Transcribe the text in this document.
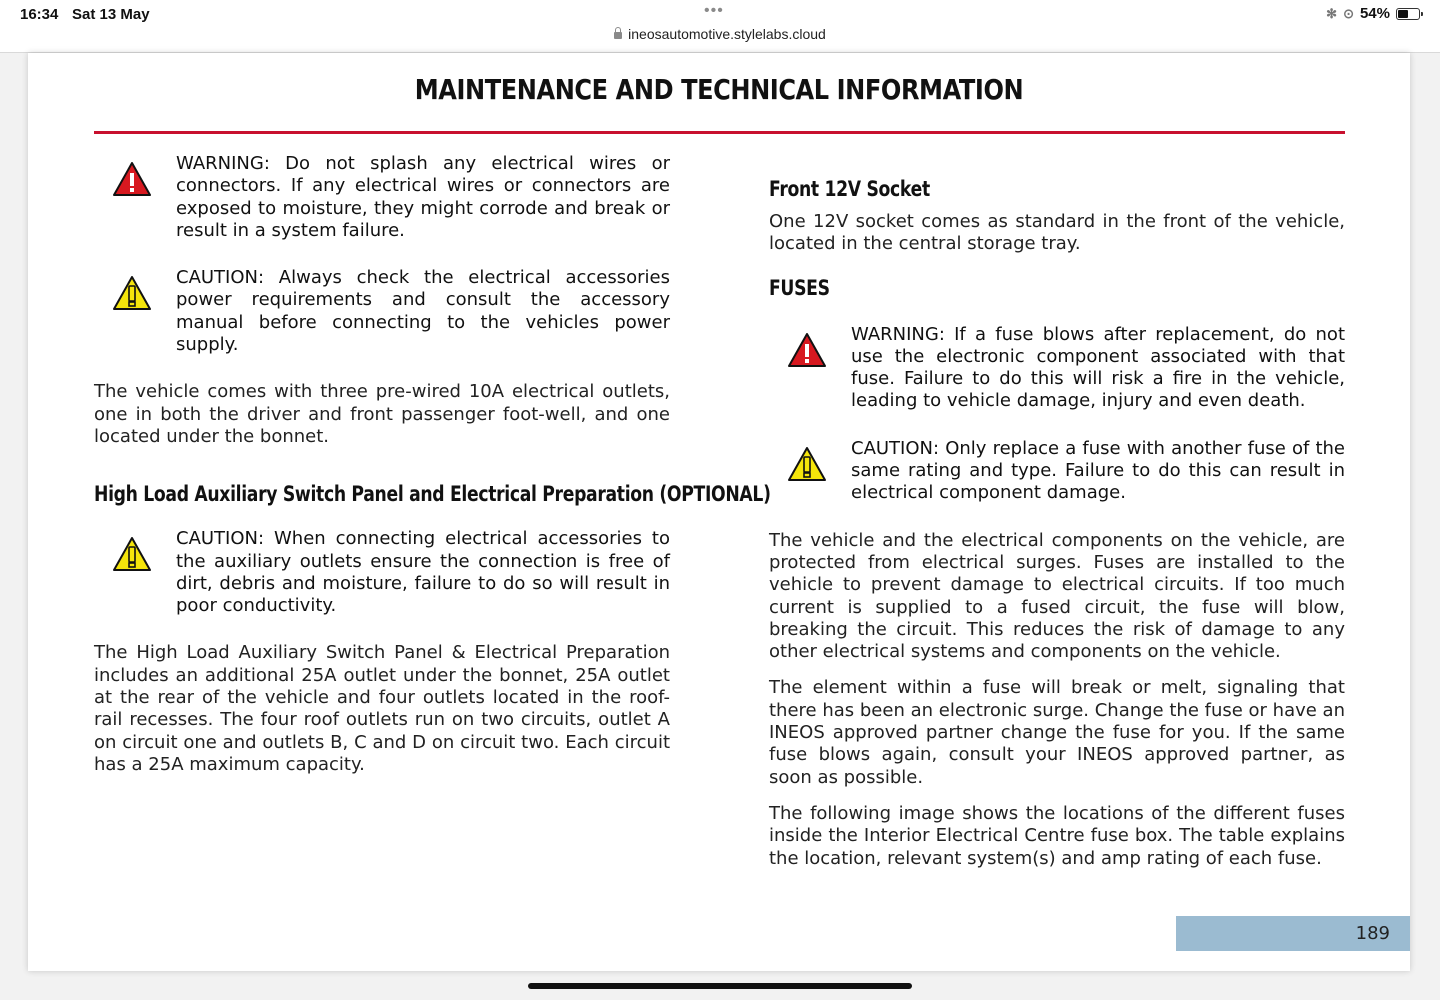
16:34 Sat 13 May	•••
ineosautomotive.stylelabs.cloud
✻ ⊙ 54%
MAINTENANCE AND TECHNICAL INFORMATION
WARNING: Do not splash any electrical wires or connectors. If any electrical wires or connectors are exposed to moisture, they might corrode and break or result in a system failure.
CAUTION: Always check the electrical accessories power requirements and consult the accessory manual before connecting to the vehicles power supply.

The vehicle comes with three pre-wired 10A electrical outlets, one in both the driver and front passenger foot-well, and one located under the bonnet.

High Load Auxiliary Switch Panel and Electrical Preparation (OPTIONAL)
CAUTION: When connecting electrical accessories to the auxiliary outlets ensure the connection is free of dirt, debris and moisture, failure to do so will result in poor conductivity.

The High Load Auxiliary Switch Panel & Electrical Preparation includes an additional 25A outlet under the bonnet, 25A outlet at the rear of the vehicle and four outlets located in the roof-rail recesses. The four roof outlets run on two circuits, outlet A on circuit one and outlets B, C and D on circuit two. Each circuit has a 25A maximum capacity.

Front 12V Socket

One 12V socket comes as standard in the front of the vehicle, located in the central storage tray.

FUSES
WARNING: If a fuse blows after replacement, do not use the electronic component associated with that fuse. Failure to do this will risk a fire in the vehicle, leading to vehicle damage, injury and even death.
CAUTION: Only replace a fuse with another fuse of the same rating and type. Failure to do this can result in electrical component damage.

The vehicle and the electrical components on the vehicle, are protected from electrical surges. Fuses are installed to the vehicle to prevent damage to electrical circuits. If too much current is supplied to a fused circuit, the fuse will blow, breaking the circuit. This reduces the risk of damage to any other electrical systems and components on the vehicle.

The element within a fuse will break or melt, signaling that there has been an electronic surge. Change the fuse or have an INEOS approved partner change the fuse for you. If the same fuse blows again, consult your INEOS approved partner, as soon as possible.

The following image shows the locations of the different fuses inside the Interior Electrical Centre fuse box. The table explains the location, relevant system(s) and amp rating of each fuse.

189
